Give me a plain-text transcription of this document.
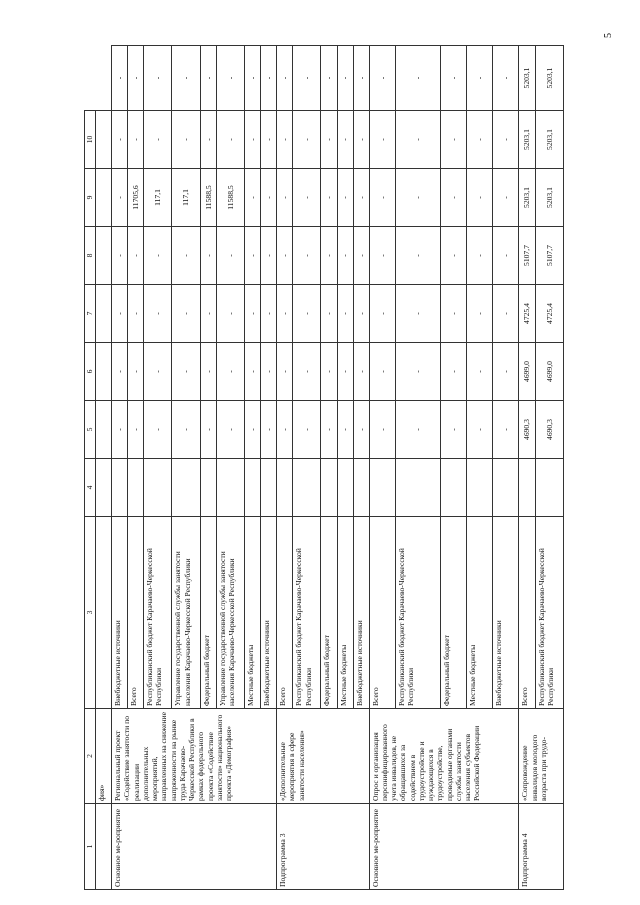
5
1	2	3	4	5	6	7	8	9	10	
	фия»									
Основное ме-роприятие	Региональный проект «Содействие занятости по реализации дополнительных мероприятий, направленных на снижение напряженности на рынке труда Карачаево-Черкесской Республики в рамках федерального проекта «Содействие занятости» национального проекта «Демография»	Внебюджетные источники		-	-	-	-	-	-	-
		Всего		-	-	-	-	11705,6	-	-
		Республиканский бюджет Карачаево-Черкесской Республики		-	-	-	-	117,1	-	-
		Управление государственной службы занятости населения Карачаево-Черкесской Республики		-	-	-	-	117,1	-	-
		Федеральный бюджет		-	-	-	-	11588,5	-	-
		Управление государственной службы занятости населения Карачаево-Черкесской Республики		-	-	-	-	11588,5	-	-
		Местные бюджеты		-	-	-	-	-	-	-
		Внебюджетные источники		-	-	-	-	-	-	-
Подпрограмма 3	«Дополнительные мероприятия в сфере занятости населения»	Всего		-	-	-	-	-	-	-
		Республиканский бюджет Карачаево-Черкесской Республики		-	-	-	-	-	-	-
		Федеральный бюджет		-	-	-	-	-	-	-
		Местные бюджеты		-	-	-	-	-	-	-
		Внебюджетные источники		-	-	-	-	-	-	-
Основное ме-роприятие	Опрос и организация персонифицированного учета инвалидов, не обращавшихся за содействием в трудоустройстве и нуждающихся в трудоустройстве, проводимые органами службы занятости населения субъектов Российской Федерации	Всего		-	-	-	-	-	-	-
		Республиканский бюджет Карачаево-Черкесской Республики		-	-	-	-	-	-	-
		Федеральный бюджет		-	-	-	-	-	-	-
		Местные бюджеты		-	-	-	-	-	-	-
		Внебюджетные источники		-	-	-	-	-	-	-
Подпрограмма 4	«Сопровождение инвалидов молодого возраста при трудо-	Всего		4690,3	4699,0	4725,4	5107,7	5203,1	5203,1	5203,1
		Республиканский бюджет Карачаево-Черкесской Республики		4690,3	4699,0	4725,4	5107,7	5203,1	5203,1	5203,1
